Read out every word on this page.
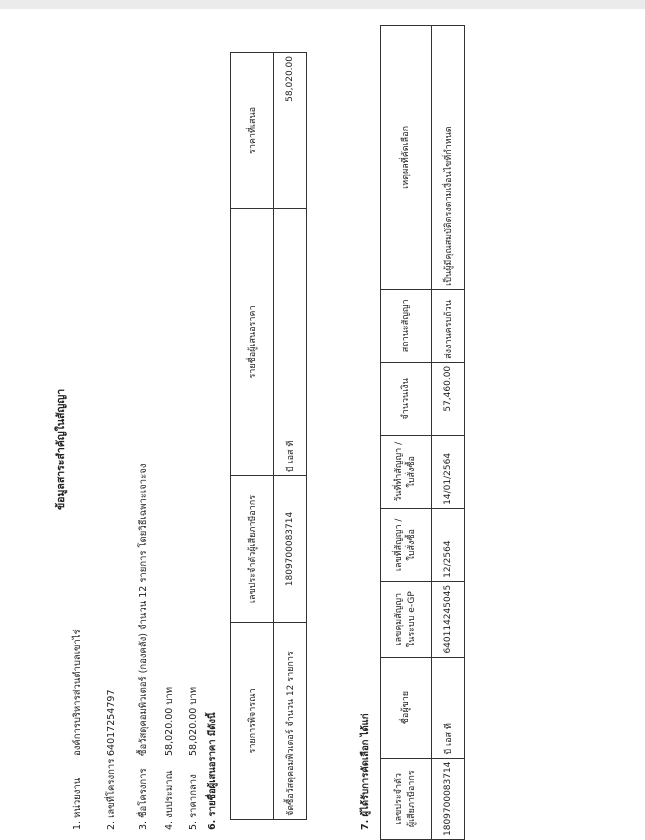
ข้อมูลสาระสำคัญในสัญญา
1. หน่วยงานองค์การบริหารส่วนตำบลเขาไร่
2. เลขที่โครงการ64017254797
3. ชื่อโครงการซื้อวัสดุคอมพิวเตอร์ (กองคลัง) จำนวน 12 รายการ โดยวิธีเฉพาะเจาะจง
4. งบประมาณ58,020.00 บาท
5. ราคากลาง58,020.00 บาท 6. รายชื่อผู้เสนอราคา มีดังนี้	รายการพิจารณา	เลขประจำตัวผู้เสียภาษีอากร	รายชื่อผู้เสนอราคา	ราคาที่เสนอ
จัดซื้อวัสดุคอมพิวเตอร์ จำนวน 12 รายการ	1809700083714	บี เอส ที	58,020.00
7. ผู้ได้รับการคัดเลือก ได้แก่	เลขประจำตัว ผู้เสียภาษีอากร	ชื่อผู้ขาย	เลขคุมสัญญา ในระบบ e-GP	เลขที่สัญญา / ใบสั่งซื้อ	วันที่ทำสัญญา / ใบสั่งซื้อ	จำนวนเงิน	สถานะสัญญา	เหตุผลที่คัดเลือก
1809700083714	บี เอส ที	640114245045	12/2564	14/01/2564	57,460.00	ส่งงานครบถ้วน	เป็นผู้มีคุณสมบัติตรงตามเงื่อนไขที่กำหนด
